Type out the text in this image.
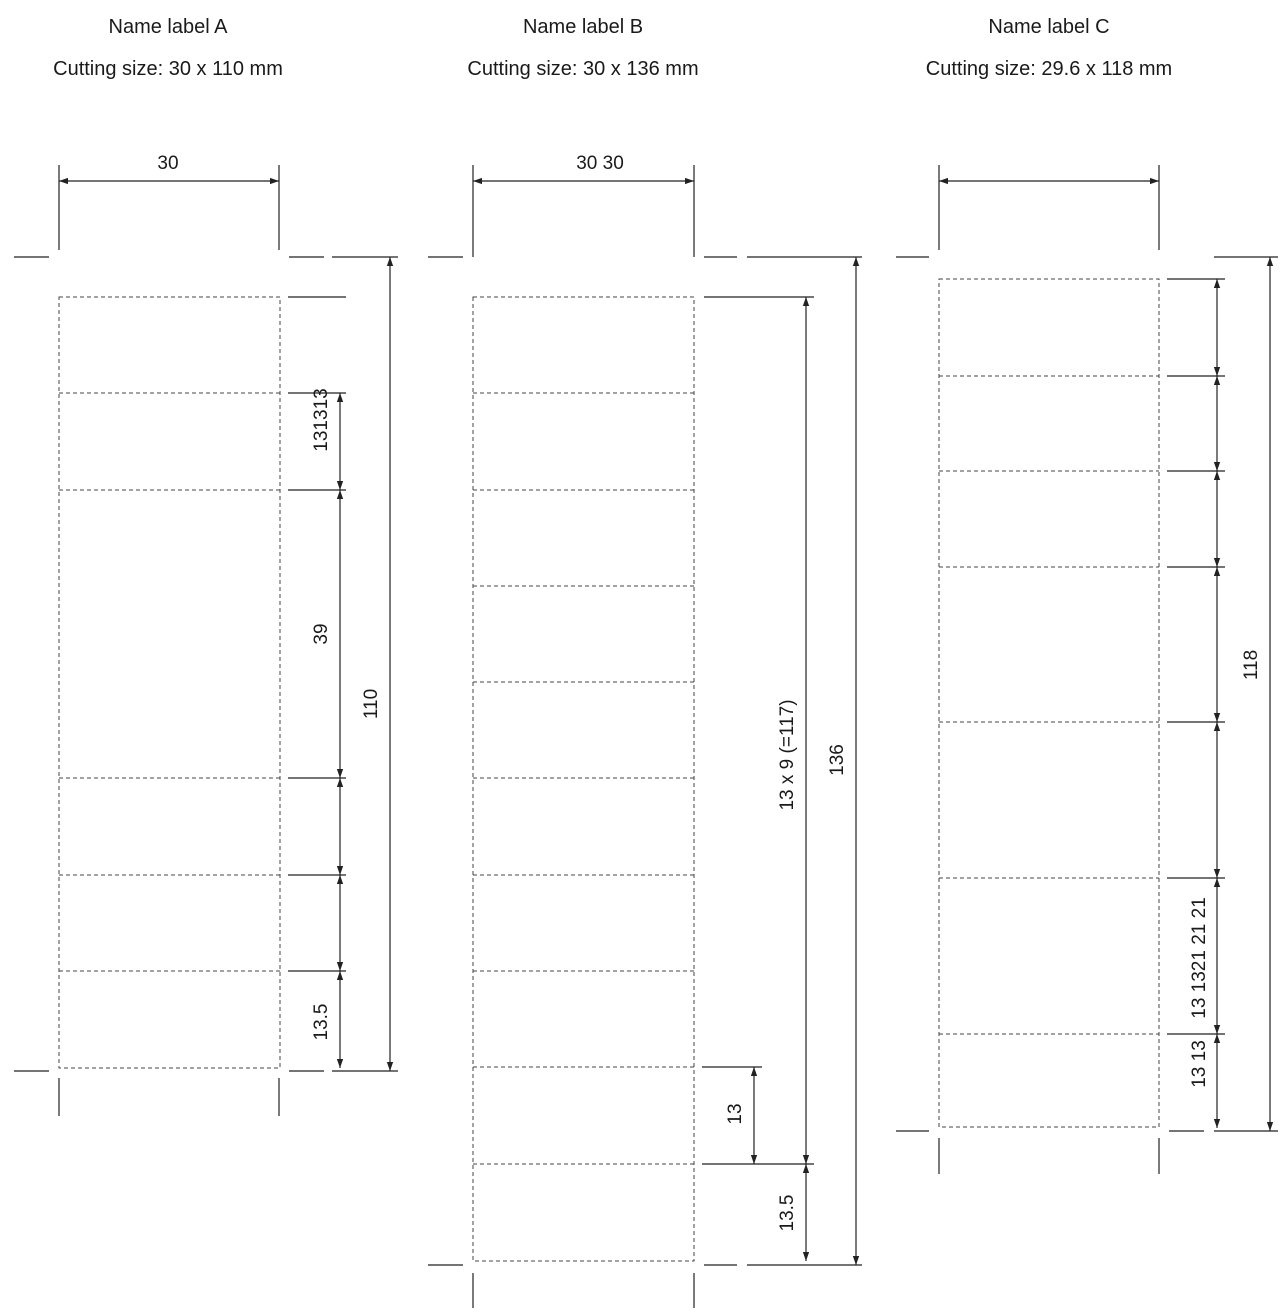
Name label A
Cutting size: 30 x 110 mm
Name label B
Cutting size: 30 x 136 mm
Name label C
Cutting size: 29.6 x 118 mm
30
131313
39
13.5
110
30 30
13 x 9 (=117)
13
13.5
136
13 1321 21 21
13 13
118
